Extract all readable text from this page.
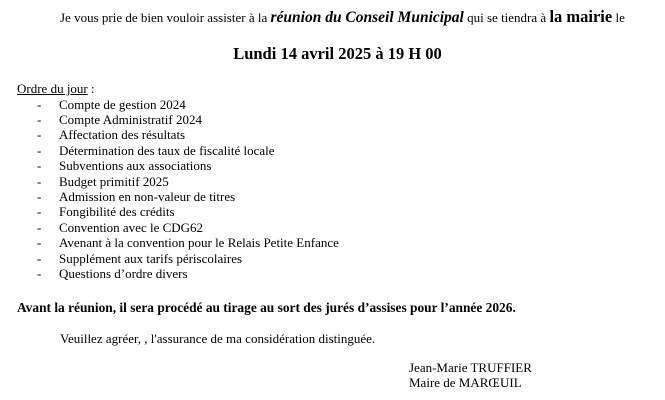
Je vous prie de bien vouloir assister à la réunion du Conseil Municipal qui se tiendra à la mairie le
Lundi 14 avril 2025 à 19 H 00
Ordre du jour :
- Compte de gestion 2024
- Compte Administratif 2024
- Affectation des résultats
- Détermination des taux de fiscalité locale
- Subventions aux associations
- Budget primitif 2025
- Admission en non-valeur de titres
- Fongibilité des crédits
- Convention avec le CDG62
- Avenant à la convention pour le Relais Petite Enfance
- Supplément aux tarifs périscolaires
- Questions d’ordre divers
Avant la réunion, il sera procédé au tirage au sort des jurés d’assises pour l’année 2026.
Veuillez agréer, , l'assurance de ma considération distinguée.
Jean-Marie TRUFFIER
Maire de MARŒUIL
